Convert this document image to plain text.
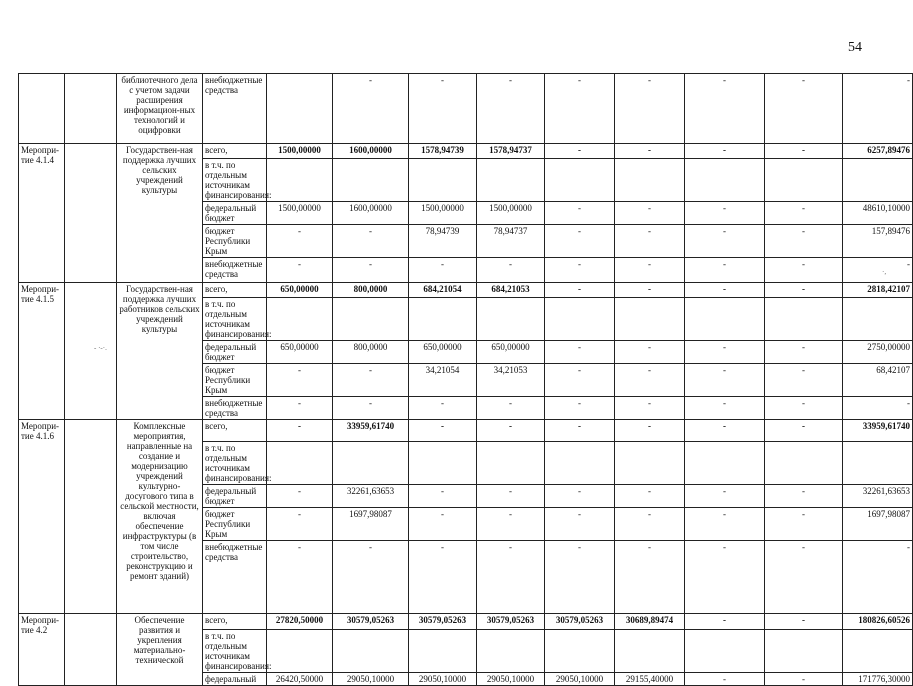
54
		библиотечного дела с учетом задачи расширения информацион-ных технологий и оцифровки	внебюджетные средства		-	-	-	-	-	-	-	-
Меропри-тие 4.1.4		Государствен-ная поддержка лучших сельских учреждений культуры	всего,	1500,00000	1600,00000	1578,94739	1578,94737	-	-	-	-	6257,89476
			в т.ч. по отдельным источникам финансирования:									
			федеральный бюджет	1500,00000	1600,00000	1500,00000	1500,00000	-	-	-	-	48610,10000
			бюджет Республики Крым	-	-	78,94739	78,94737	-	-	-	-	157,89476
			внебюджетные средства	-	-	-	-	-	-	-	-	-
Меропри-тие 4.1.5		Государствен-ная поддержка лучших работников сельских учреждений культуры	всего,	650,00000	800,0000	684,21054	684,21053	-	-	-	-	2818,42107
			в т.ч. по отдельным источникам финансирования:									
			федеральный бюджет	650,00000	800,0000	650,00000	650,00000	-	-	-	-	2750,00000
			бюджет Республики Крым	-	-	34,21054	34,21053	-	-	-	-	68,42107
			внебюджетные средства	-	-	-	-	-	-	-	-	-
Меропри-тие 4.1.6		Комплексные мероприятия, направленные на создание и модернизацию учреждений культурно-досугового типа в сельской местности, включая обеспечение инфраструктуры (в том числе строительство, реконструкцию и ремонт зданий)	всего,	-	33959,61740	-	-	-	-	-	-	33959,61740
			в т.ч. по отдельным источникам финансирования:									
			федеральный бюджет	-	32261,63653	-	-	-	-	-	-	32261,63653
			бюджет Республики Крым	-	1697,98087	-	-	-	-	-	-	1697,98087
			внебюджетные средства	-	-	-	-	-	-	-	-	-
Меропри-тие 4.2		Обеспечение развития и укрепления материально-технической	всего,	27820,50000	30579,05263	30579,05263	30579,05263	30579,05263	30689,89474	-	-	180826,60526
			в т.ч. по отдельным источникам финансирования:									
			федеральный	26420,50000	29050,10000	29050,10000	29050,10000	29050,10000	29155,40000	-	-	171776,30000
- ·-·.
·,
